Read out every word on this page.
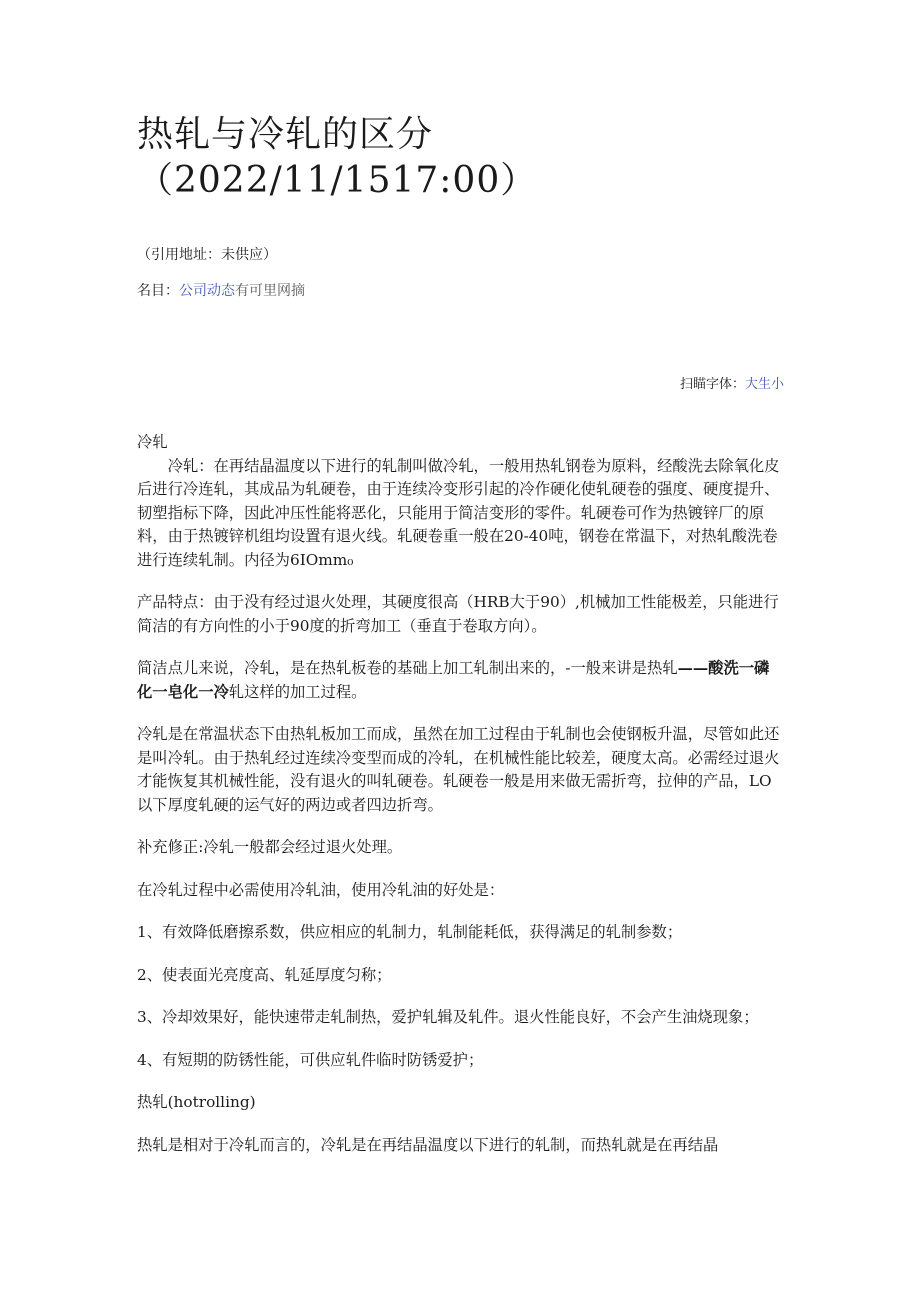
热轧与冷轧的区分（2022/11/1517:00）

（引用地址：未供应）

名目：公司动态有可里网摘

扫瞄字体：大生小

冷轧

冷轧：在再结晶温度以下进行的轧制叫做冷轧，一般用热轧钢卷为原料，经酸洗去除氧化皮后进行冷连轧，其成品为轧硬卷，由于连续冷变形引起的冷作硬化使轧硬卷的强度、硬度提升、韧塑指标下降，因此冲压性能将恶化，只能用于简洁变形的零件。轧硬卷可作为热镀锌厂的原料，由于热镀锌机组均设置有退火线。轧硬卷重一般在20-40吨，钢卷在常温下，对热轧酸洗卷进行连续轧制。内径为6IOmm₀

产品特点：由于没有经过退火处理，其硬度很高（HRB大于90）,机械加工性能极差，只能进行简洁的有方向性的小于90度的折弯加工（垂直于卷取方向）。

简洁点儿来说，冷轧，是在热轧板卷的基础上加工轧制出来的，-一般来讲是热轧——酸洗一磷化一皂化一冷轧这样的加工过程。

冷轧是在常温状态下由热轧板加工而成，虽然在加工过程由于轧制也会使钢板升温，尽管如此还是叫冷轧。由于热轧经过连续冷变型而成的冷轧，在机械性能比较差，硬度太高。必需经过退火才能恢复其机械性能，没有退火的叫轧硬卷。轧硬卷一般是用来做无需折弯，拉伸的产品，LO以下厚度轧硬的运气好的两边或者四边折弯。

补充修正:冷轧一般都会经过退火处理。

在冷轧过程中必需使用冷轧油，使用冷轧油的好处是：

1、有效降低磨擦系数，供应相应的轧制力，轧制能耗低，获得满足的轧制参数；

2、使表面光亮度高、轧延厚度匀称；

3、冷却效果好，能快速带走轧制热，爱护轧辑及轧件。退火性能良好，不会产生油烧现象；

4、有短期的防锈性能，可供应轧件临时防锈爱护；

热轧(hotrolling)

热轧是相对于冷轧而言的，冷轧是在再结晶温度以下进行的轧制，而热轧就是在再结晶
